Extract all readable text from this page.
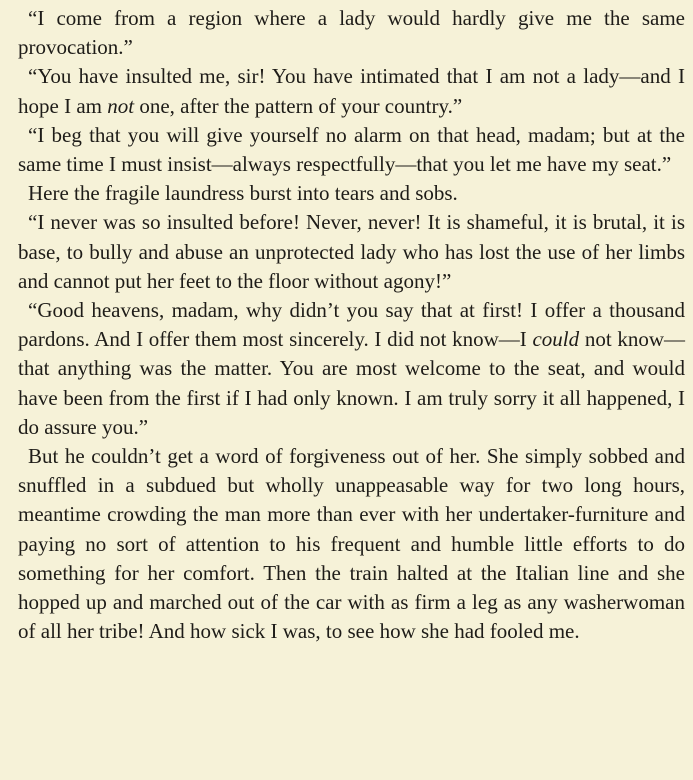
“I come from a region where a lady would hardly give me the same provocation.”

“You have insulted me, sir! You have intimated that I am not a lady—and I hope I am not one, after the pattern of your country.”

“I beg that you will give yourself no alarm on that head, madam; but at the same time I must insist—always respectfully—that you let me have my seat.”

Here the fragile laundress burst into tears and sobs.

“I never was so insulted before! Never, never! It is shameful, it is brutal, it is base, to bully and abuse an unprotected lady who has lost the use of her limbs and cannot put her feet to the floor without agony!”

“Good heavens, madam, why didn’t you say that at first! I offer a thousand pardons. And I offer them most sincerely. I did not know—I could not know—that anything was the matter. You are most welcome to the seat, and would have been from the first if I had only known. I am truly sorry it all happened, I do assure you.”

But he couldn’t get a word of forgiveness out of her. She simply sobbed and snuffled in a subdued but wholly unappeasable way for two long hours, meantime crowding the man more than ever with her undertaker-furniture and paying no sort of attention to his frequent and humble little efforts to do something for her comfort. Then the train halted at the Italian line and she hopped up and marched out of the car with as firm a leg as any washerwoman of all her tribe! And how sick I was, to see how she had fooled me.
